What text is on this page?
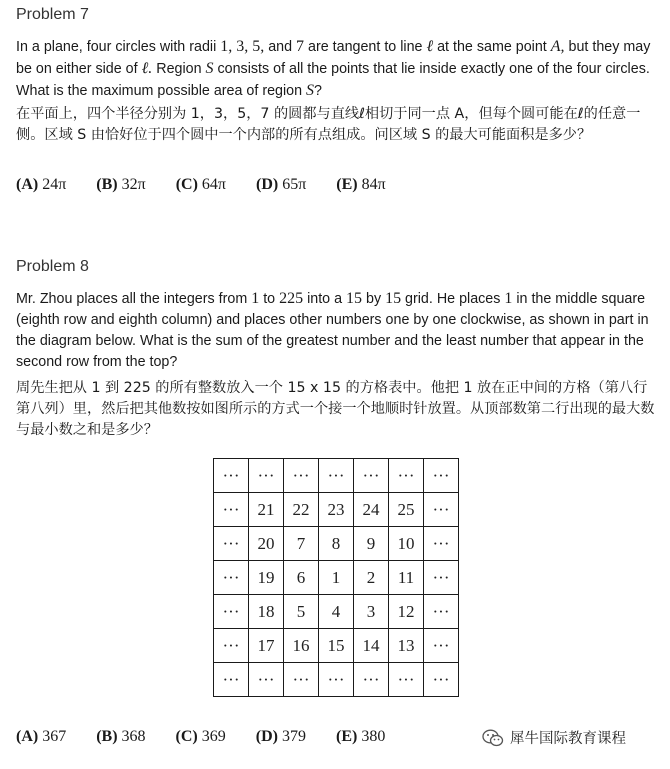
Problem 7
In a plane, four circles with radii 1, 3, 5, and 7 are tangent to line ℓ at the same point A, but they may be on either side of ℓ. Region S consists of all the points that lie inside exactly one of the four circles. What is the maximum possible area of region S?
在平面上，四个半径分别为 1，3，5，7 的圆都与直线ℓ相切于同一点 A，但每个圆可能在ℓ的任意一侧。区域 S 由恰好位于四个圆中一个内部的所有点组成。问区域 S 的最大可能面积是多少？
(A) 24π (B) 32π (C) 64π (D) 65π (E) 84π
Problem 8
Mr. Zhou places all the integers from 1 to 225 into a 15 by 15 grid. He places 1 in the middle square (eighth row and eighth column) and places other numbers one by one clockwise, as shown in part in the diagram below. What is the sum of the greatest number and the least number that appear in the second row from the top?
周先生把从 1 到 225 的所有整数放入一个 15 x 15 的方格表中。他把 1 放在正中间的方格（第八行第八列）里，然后把其他数按如图所示的方式一个接一个地顺时针放置。从顶部数第二行出现的最大数与最小数之和是多少？
···	···	···	···	···	···	···
···	21	22	23	24	25	···
···	20	7	8	9	10	···
···	19	6	1	2	11	···
···	18	5	4	3	12	···
···	17	16	15	14	13	···
···	···	···	···	···	···	···
(A) 367 (B) 368 (C) 369 (D) 379 (E) 380	犀牛国际教育课程
